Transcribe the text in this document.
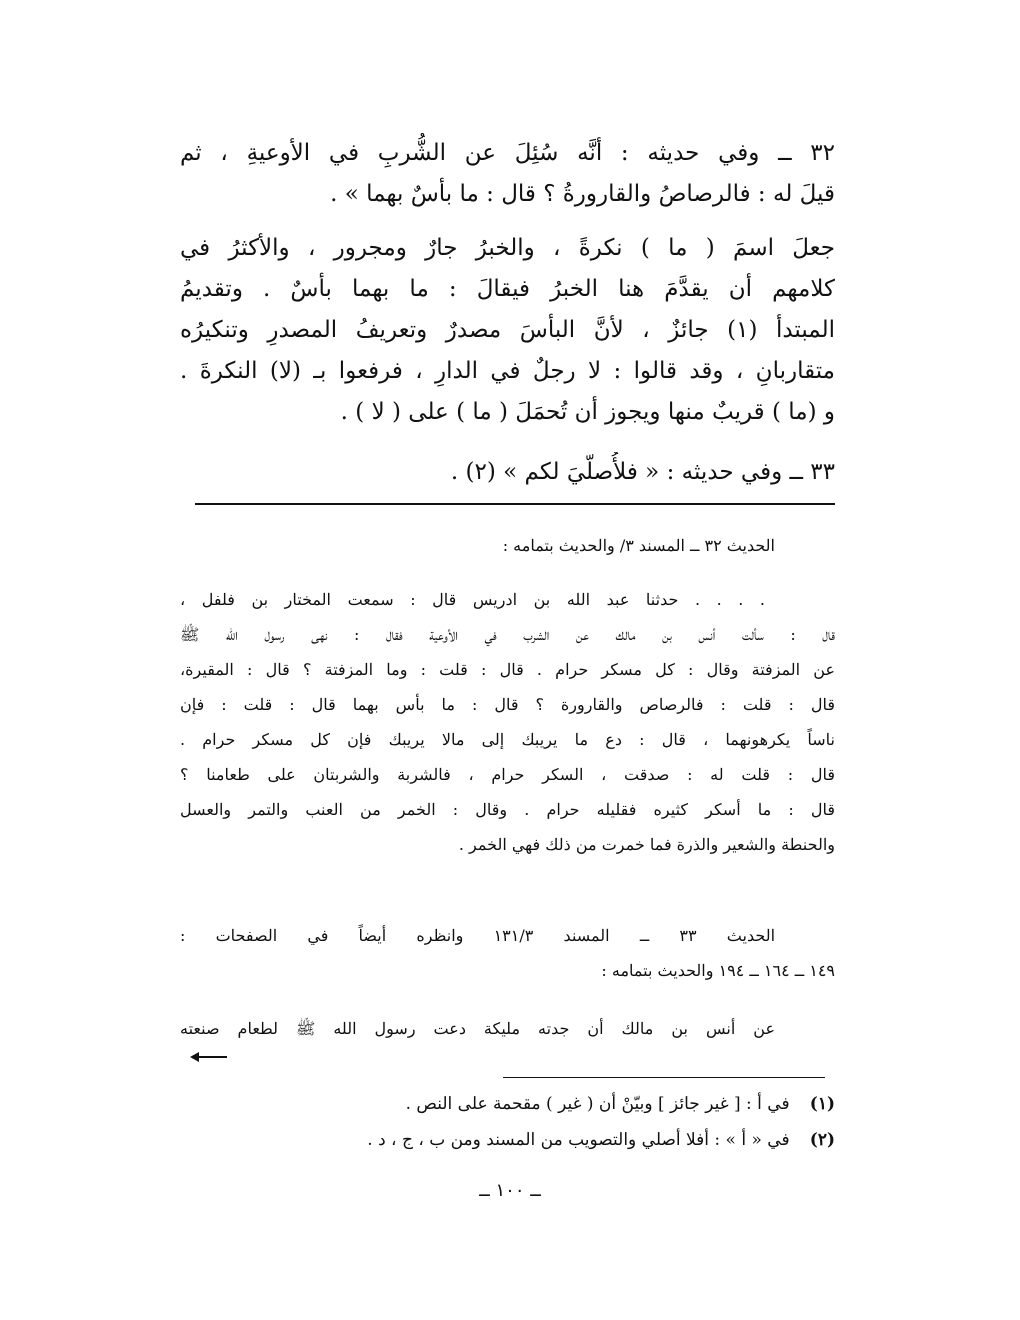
٣٢ ــ وفي حديثه : أنَّه سُئِلَ عن الشُّربِ في الأوعيةِ ، ثم
قيلَ له : فالرصاصُ والقارورةُ ؟ قال : ما بأسٌ بهما » .
جعلَ اسمَ ( ما ) نكرةً ، والخبرُ جارٌ ومجرور ، والأكثرُ في
كلامهم أن يقدَّمَ هنا الخبرُ فيقالَ : ما بهما بأسٌ . وتقديمُ
المبتدأ (١) جائزٌ ، لأنَّ البأسَ مصدرٌ وتعريفُ المصدرِ وتنكيرُه
متقاربانِ ، وقد قالوا : لا رجلٌ في الدارِ ، فرفعوا بـ (لا) النكرةَ .
و (ما ) قريبٌ منها ويجوز أن تُحمَلَ ( ما ) على ( لا ) .
٣٣ ــ وفي حديثه : « فلأُصلّيَ لكم » (٢) .
الحديث ٣٢ ــ المسند ٣/ والحديث بتمامه :
. . . . حدثنا عبد الله بن ادريس قال : سمعت المختار بن فلفل ،
قال : سألت أنس بن مالك عن الشرب في الأوعية فقال : نهى رسول الله ﷺ
عن المزفتة وقال : كل مسكر حرام . قال : قلت : وما المزفتة ؟ قال : المقيرة،
قال : قلت : فالرصاص والقارورة ؟ قال : ما بأس بهما قال : قلت : فإن
ناساً يكرهونهما ، قال : دع ما يريبك إلى مالا يريبك فإن كل مسكر حرام .
قال : قلت له : صدقت ، السكر حرام ، فالشربة والشربتان على طعامنا ؟
قال : ما أسكر كثيره فقليله حرام . وقال : الخمر من العنب والتمر والعسل
والحنطة والشعير والذرة فما خمرت من ذلك فهي الخمر .
الحديث ٣٣ ــ المسند ١٣١/٣ وانظره أيضاً في الصفحات :
١٤٩ ــ ١٦٤ ــ ١٩٤ والحديث بتمامه :
عن أنس بن مالك أن جدته مليكة دعت رسول الله ﷺ لطعام صنعته
(١) في أ : [ غير جائز ] وبيّنْ أن ( غير ) مقحمة على النص .
(٢) في « أ » : أفلا أصلي والتصويب من المسند ومن ب ، ج ، د .
ــ ١٠٠ ــ
